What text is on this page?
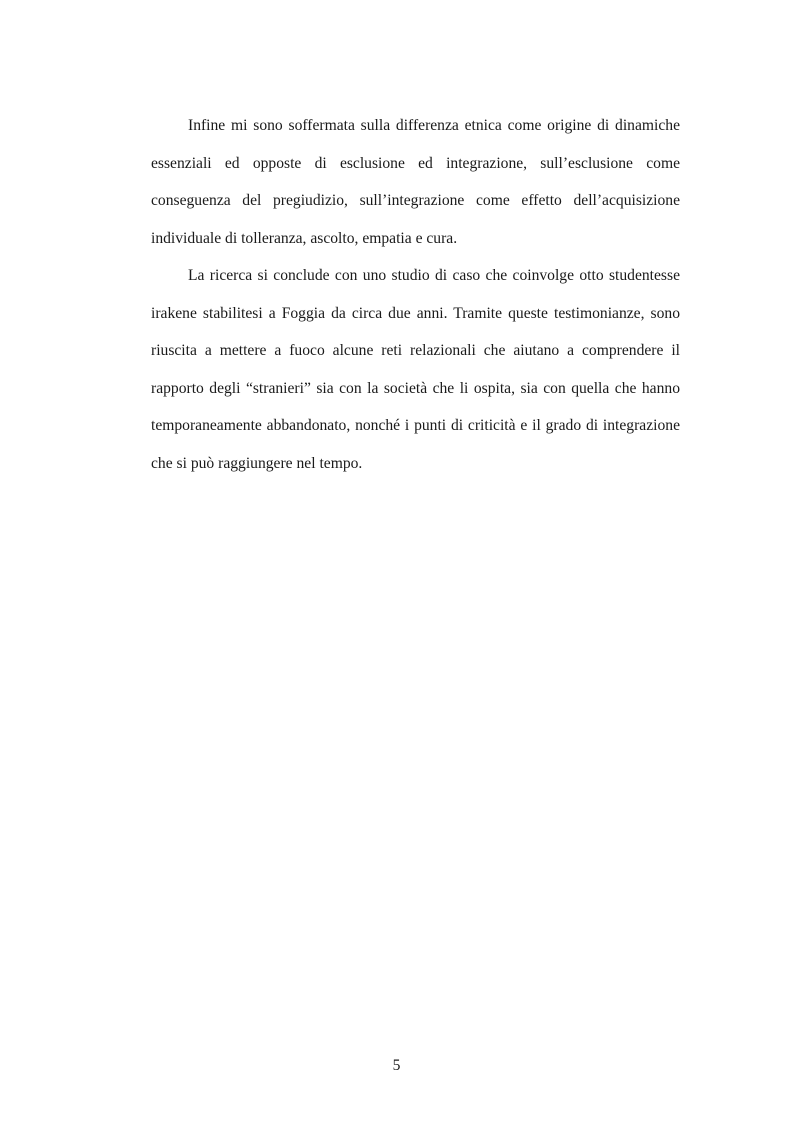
Infine mi sono soffermata sulla differenza etnica come origine di dinamiche essenziali ed opposte di esclusione ed integrazione, sull’esclusione come conseguenza del pregiudizio, sull’integrazione come effetto dell’acquisizione individuale di tolleranza, ascolto, empatia e cura.

La ricerca si conclude con uno studio di caso che coinvolge otto studentesse irakene stabilitesi a Foggia da circa due anni. Tramite queste testimonianze, sono riuscita a mettere a fuoco alcune reti relazionali che aiutano a comprendere il rapporto degli “stranieri” sia con la società che li ospita, sia con quella che hanno temporaneamente abbandonato, nonché i punti di criticità e il grado di integrazione che si può raggiungere nel tempo.

5
